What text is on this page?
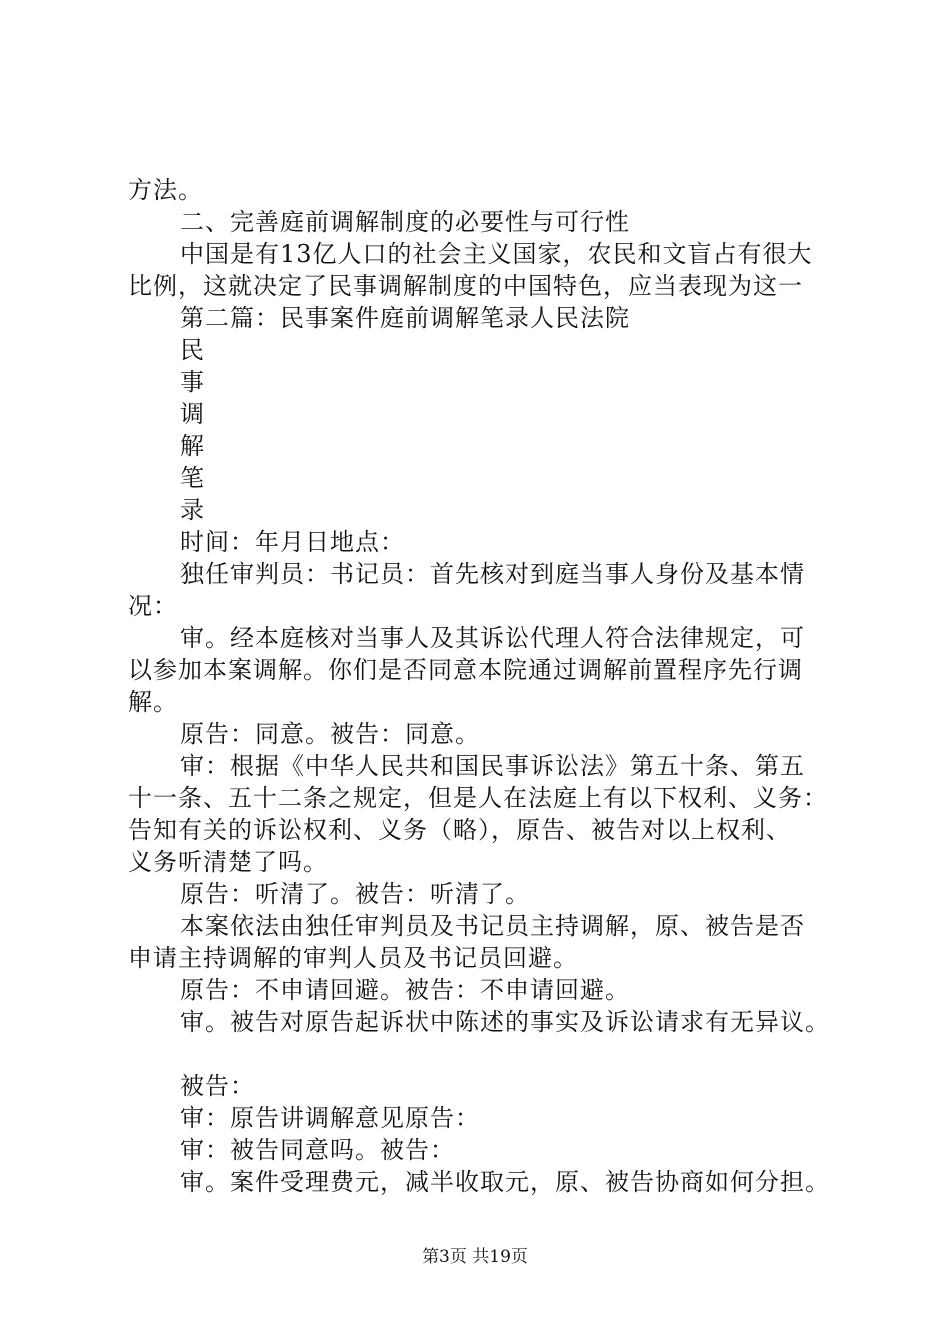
方法。
二、完善庭前调解制度的必要性与可行性
中国是有13亿人口的社会主义国家，农民和文盲占有很大
比例，这就决定了民事调解制度的中国特色，应当表现为这一
第二篇：民事案件庭前调解笔录人民法院
民
事
调
解
笔
录
时间：年月日地点：
独任审判员：书记员：首先核对到庭当事人身份及基本情
况：
审。经本庭核对当事人及其诉讼代理人符合法律规定，可
以参加本案调解。你们是否同意本院通过调解前置程序先行调
解。
原告：同意。被告：同意。
审：根据《中华人民共和国民事诉讼法》第五十条、第五
十一条、五十二条之规定，但是人在法庭上有以下权利、义务：
告知有关的诉讼权利、义务（略），原告、被告对以上权利、
义务听清楚了吗。
原告：听清了。被告：听清了。
本案依法由独任审判员及书记员主持调解，原、被告是否
申请主持调解的审判人员及书记员回避。
原告：不申请回避。被告：不申请回避。
审。被告对原告起诉状中陈述的事实及诉讼请求有无异议。
被告：
审：原告讲调解意见原告：
审：被告同意吗。被告：
审。案件受理费元，减半收取元，原、被告协商如何分担。
第3页 共19页
